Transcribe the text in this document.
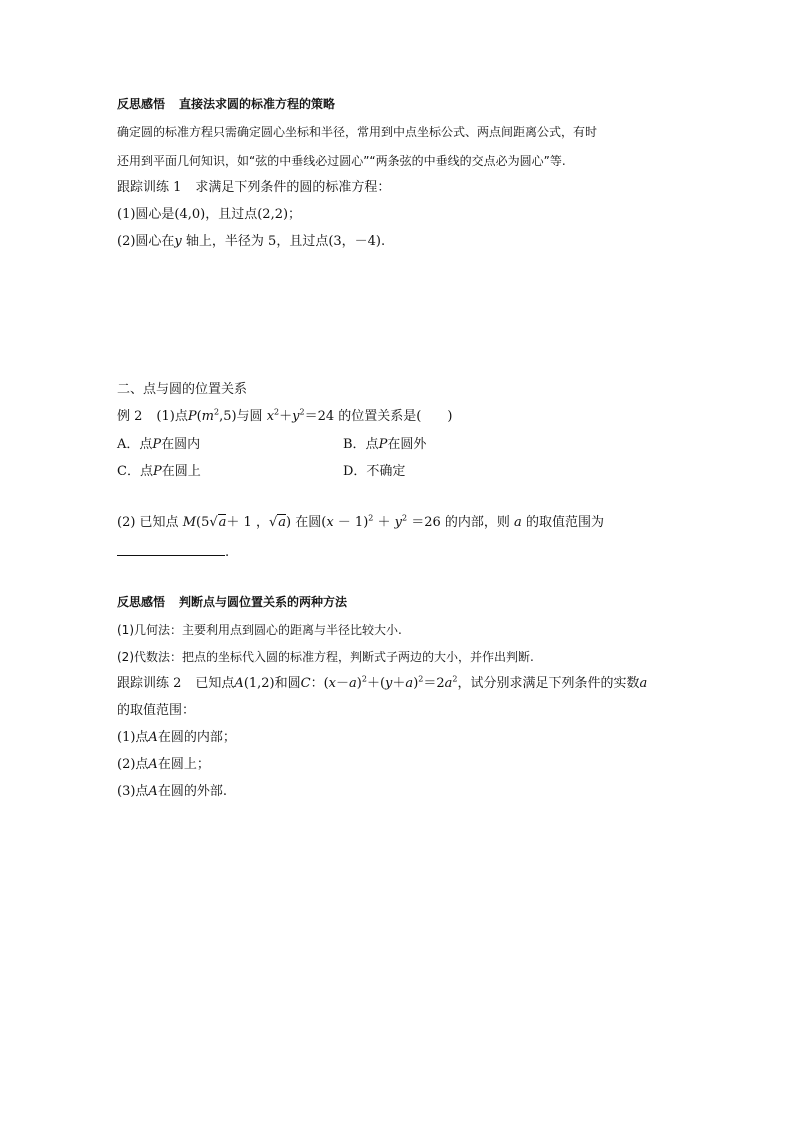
反思感悟 直接法求圆的标准方程的策略
确定圆的标准方程只需确定圆心坐标和半径，常用到中点坐标公式、两点间距离公式，有时
还用到平面几何知识，如“弦的中垂线必过圆心”“两条弦的中垂线的交点必为圆心”等.
跟踪训练 1 求满足下列条件的圆的标准方程：
(1)圆心是(4,0)，且过点(2,2)；
(2)圆心在y 轴上，半径为 5，且过点(3，－4).
二、点与圆的位置关系
例 2 (1)点$P(m^2,5)$与圆 $x^2+y^2=24$ 的位置关系是(　　)
A．点P在圆内	B．点P在圆外
C．点P在圆上	D．不确定
(2) 已知点 M(5√a＋ 1 ，√a) 在圆$(x - 1)^2 + y^2 =26$ 的内部，则 a 的取值范围为
.
反思感悟 判断点与圆位置关系的两种方法
(1)几何法：主要利用点到圆心的距离与半径比较大小.
(2)代数法：把点的坐标代入圆的标准方程，判断式子两边的大小，并作出判断.
跟踪训练 2 已知点A(1,2)和圆C：$(x-a)^2+(y+a)^2=2a^2$，试分别求满足下列条件的实数a
的取值范围：
(1)点A在圆的内部；
(2)点A在圆上；
(3)点A在圆的外部.
